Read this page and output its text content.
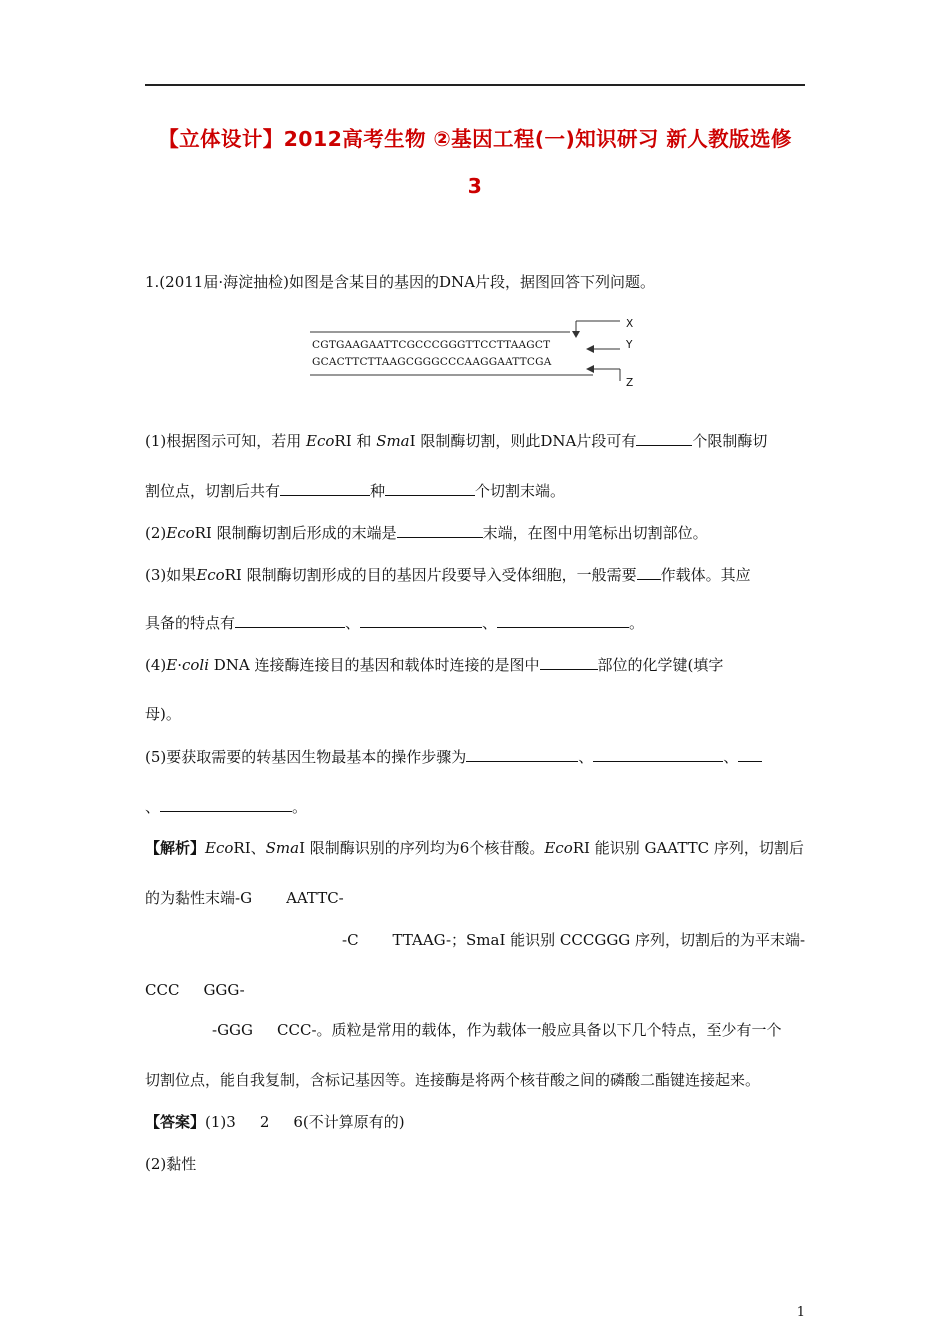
【立体设计】2012高考生物 ②基因工程(一)知识研习 新人教版选修
3
1.(2011届·海淀抽检)如图是含某目的基因的DNA片段，据图回答下列问题。
CGTGAAGAATTCGCCCGGGTTCCTTAAGCT
GCACTTCTTAAGCGGGCCCAAGGAATTCGA
X
Y
Z
(1)根据图示可知，若用 EcoRI 和 SmaI 限制酶切割，则此DNA片段可有	个限制酶切
割位点，切割后共有	种	个切割末端。
(2)EcoRI 限制酶切割后形成的末端是	末端，在图中用笔标出切割部位。
(3)如果EcoRI 限制酶切割形成的目的基因片段要导入受体细胞，一般需要 作载体。其应
具备的特点有	、	、	。
(4)E·coli DNA 连接酶连接目的基因和载体时连接的是图中	部位的化学键(填字
母)。
(5)要获取需要的转基因生物最基本的操作步骤为	、	、
、	。
【解析】EcoRI、SmaI 限制酶识别的序列均为6个核苷酸。EcoRI 能识别 GAATTC 序列，切割后
的为黏性末端-G AATTC-
-C TTAAG-；SmaI 能识别 CCCGGG 序列，切割后的为平末端-
CCC GGG-
-GGG CCC-。质粒是常用的载体，作为载体一般应具备以下几个特点，至少有一个
切割位点，能自我复制，含标记基因等。连接酶是将两个核苷酸之间的磷酸二酯键连接起来。
【答案】(1)3 2 6(不计算原有的)
(2)黏性
1
